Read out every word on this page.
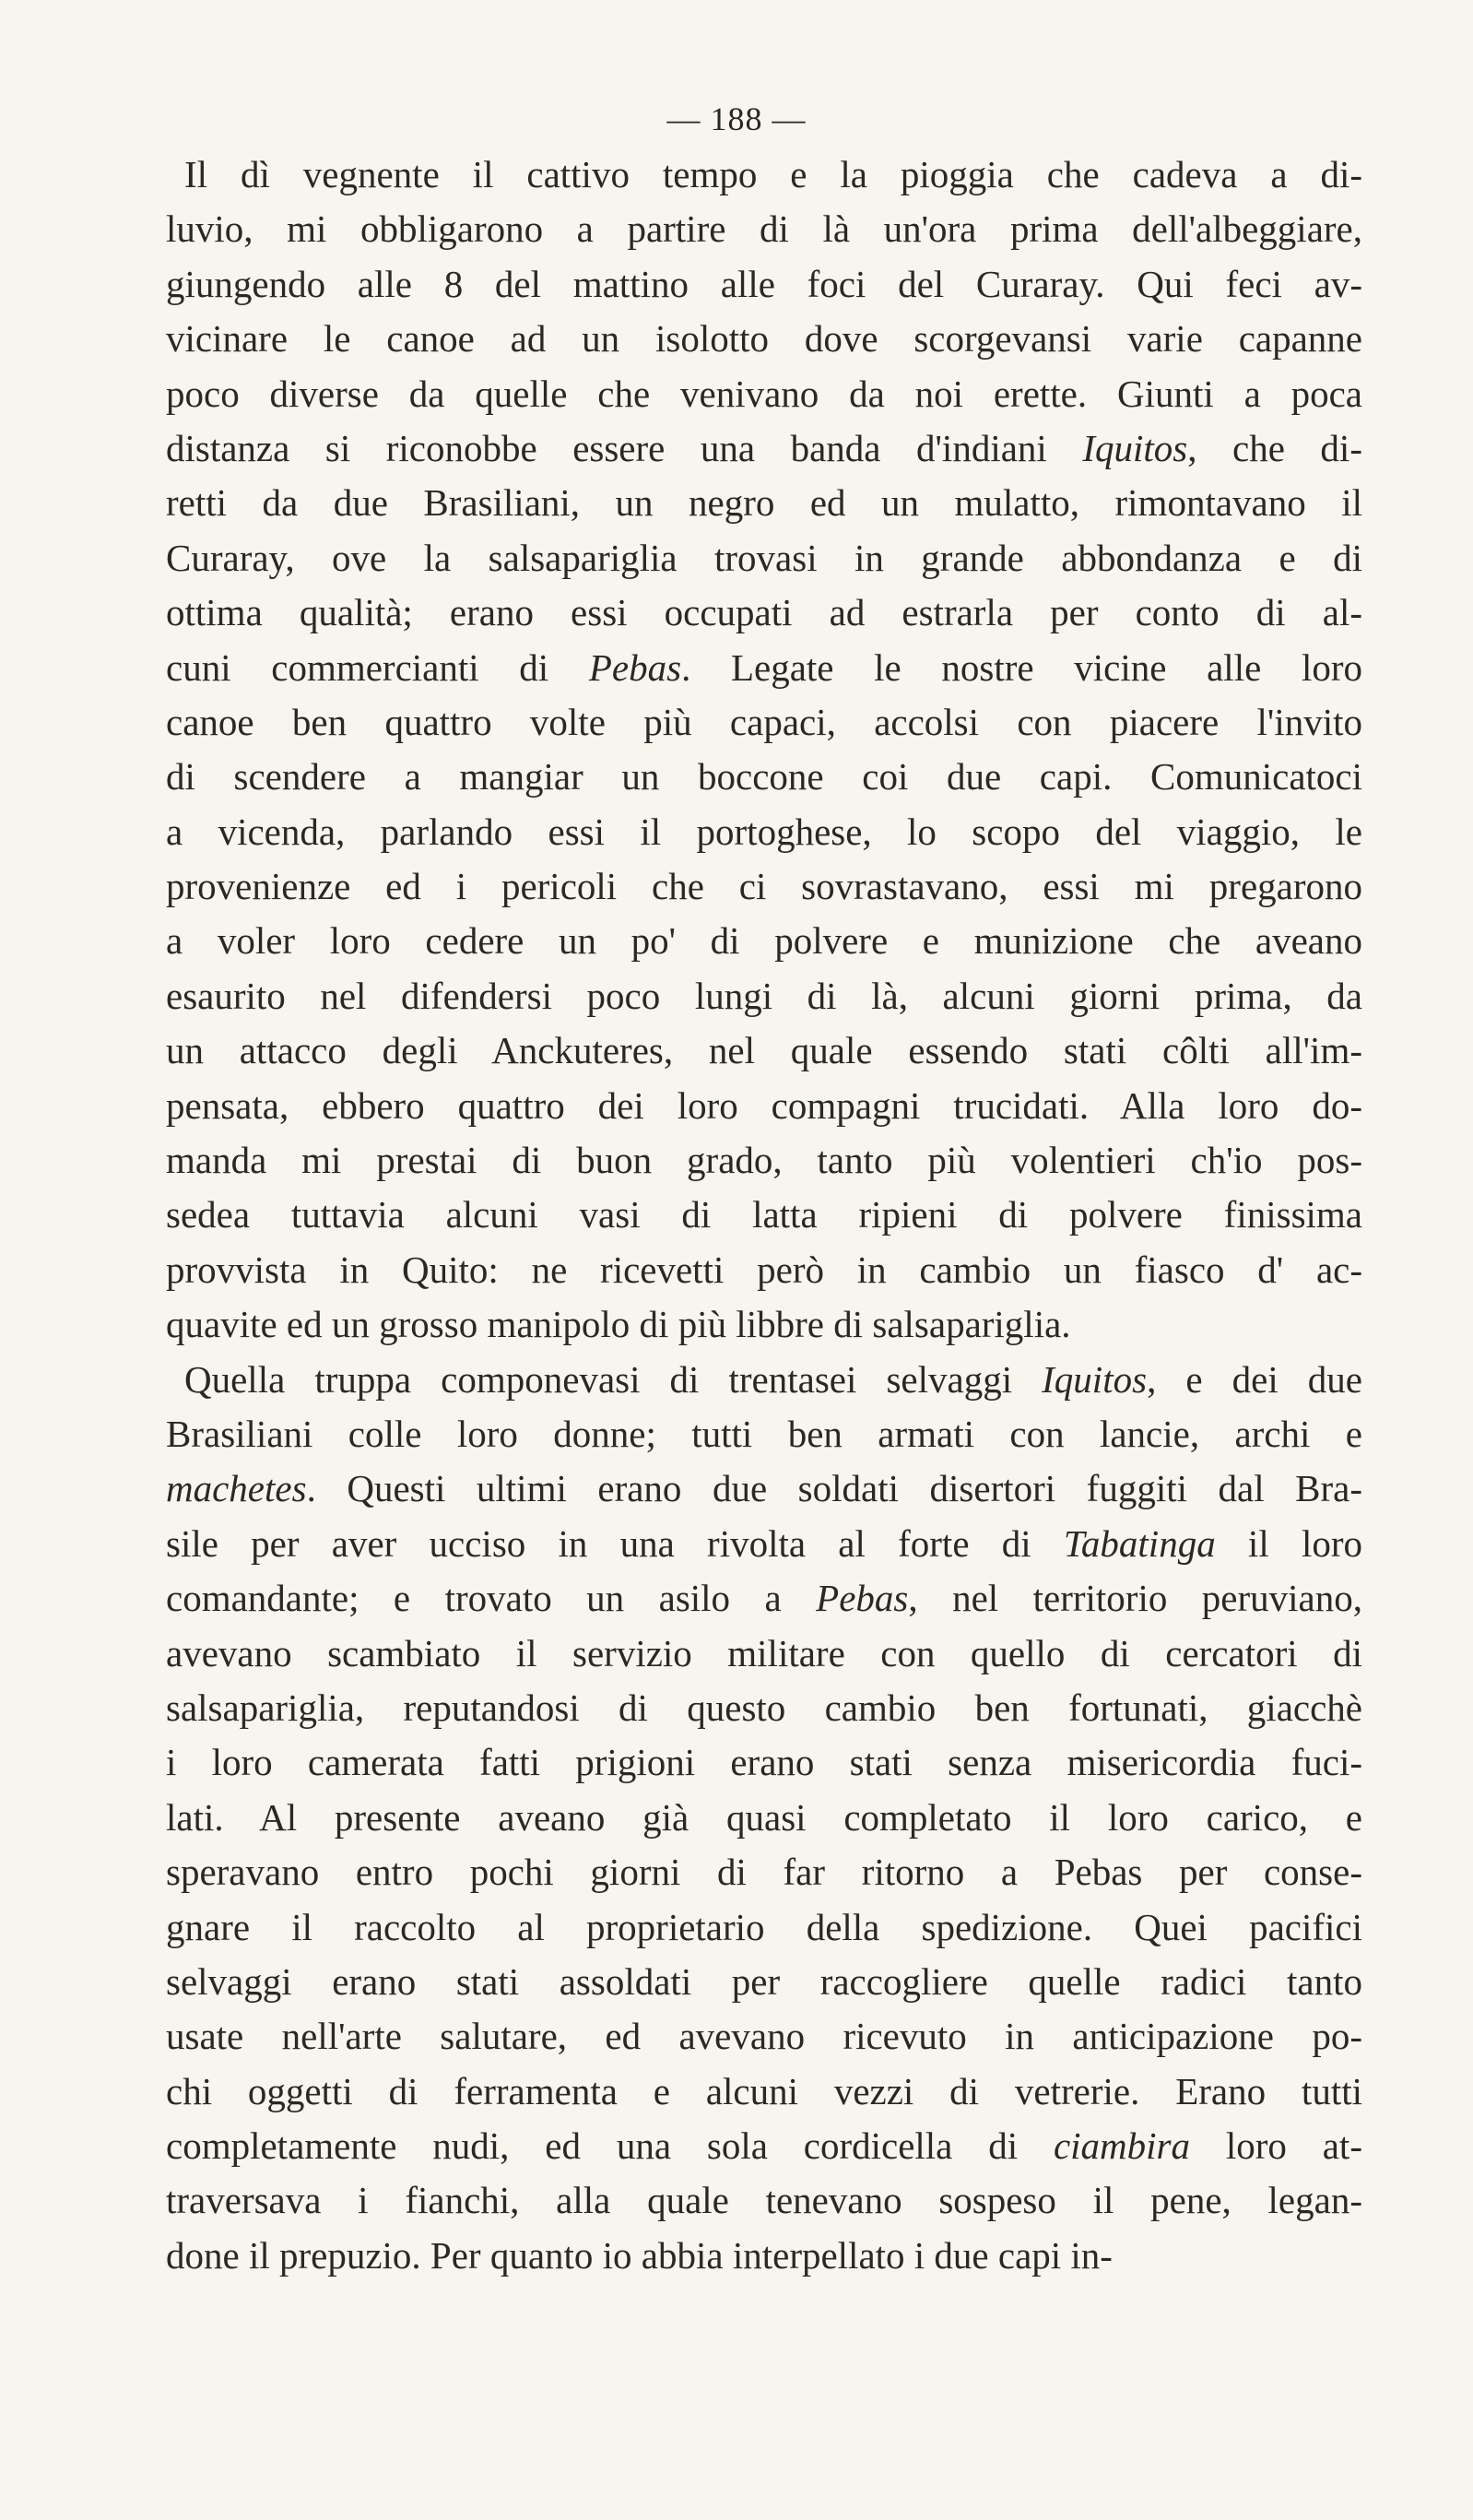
— 188 —
Il dì vegnente il cattivo tempo e la pioggia che cadeva a di-
luvio, mi obbligarono a partire di là un'ora prima dell'albeggiare,
giungendo alle 8 del mattino alle foci del Curaray. Qui feci av-
vicinare le canoe ad un isolotto dove scorgevansi varie capanne
poco diverse da quelle che venivano da noi erette. Giunti a poca
distanza si riconobbe essere una banda d'indiani Iquitos, che di-
retti da due Brasiliani, un negro ed un mulatto, rimontavano il
Curaray, ove la salsapariglia trovasi in grande abbondanza e di
ottima qualità; erano essi occupati ad estrarla per conto di al-
cuni commercianti di Pebas. Legate le nostre vicine alle loro
canoe ben quattro volte più capaci, accolsi con piacere l'invito
di scendere a mangiar un boccone coi due capi. Comunicatoci
a vicenda, parlando essi il portoghese, lo scopo del viaggio, le
provenienze ed i pericoli che ci sovrastavano, essi mi pregarono
a voler loro cedere un po' di polvere e munizione che aveano
esaurito nel difendersi poco lungi di là, alcuni giorni prima, da
un attacco degli Anckuteres, nel quale essendo stati côlti all'im-
pensata, ebbero quattro dei loro compagni trucidati. Alla loro do-
manda mi prestai di buon grado, tanto più volentieri ch'io pos-
sedea tuttavia alcuni vasi di latta ripieni di polvere finissima
provvista in Quito: ne ricevetti però in cambio un fiasco d' ac-
quavite ed un grosso manipolo di più libbre di salsapariglia.
Quella truppa componevasi di trentasei selvaggi Iquitos, e dei due
Brasiliani colle loro donne; tutti ben armati con lancie, archi e
machetes. Questi ultimi erano due soldati disertori fuggiti dal Bra-
sile per aver ucciso in una rivolta al forte di Tabatinga il loro
comandante; e trovato un asilo a Pebas, nel territorio peruviano,
avevano scambiato il servizio militare con quello di cercatori di
salsapariglia, reputandosi di questo cambio ben fortunati, giacchè
i loro camerata fatti prigioni erano stati senza misericordia fuci-
lati. Al presente aveano già quasi completato il loro carico, e
speravano entro pochi giorni di far ritorno a Pebas per conse-
gnare il raccolto al proprietario della spedizione. Quei pacifici
selvaggi erano stati assoldati per raccogliere quelle radici tanto
usate nell'arte salutare, ed avevano ricevuto in anticipazione po-
chi oggetti di ferramenta e alcuni vezzi di vetrerie. Erano tutti
completamente nudi, ed una sola cordicella di ciambira loro at-
traversava i fianchi, alla quale tenevano sospeso il pene, legan-
done il prepuzio. Per quanto io abbia interpellato i due capi in-
